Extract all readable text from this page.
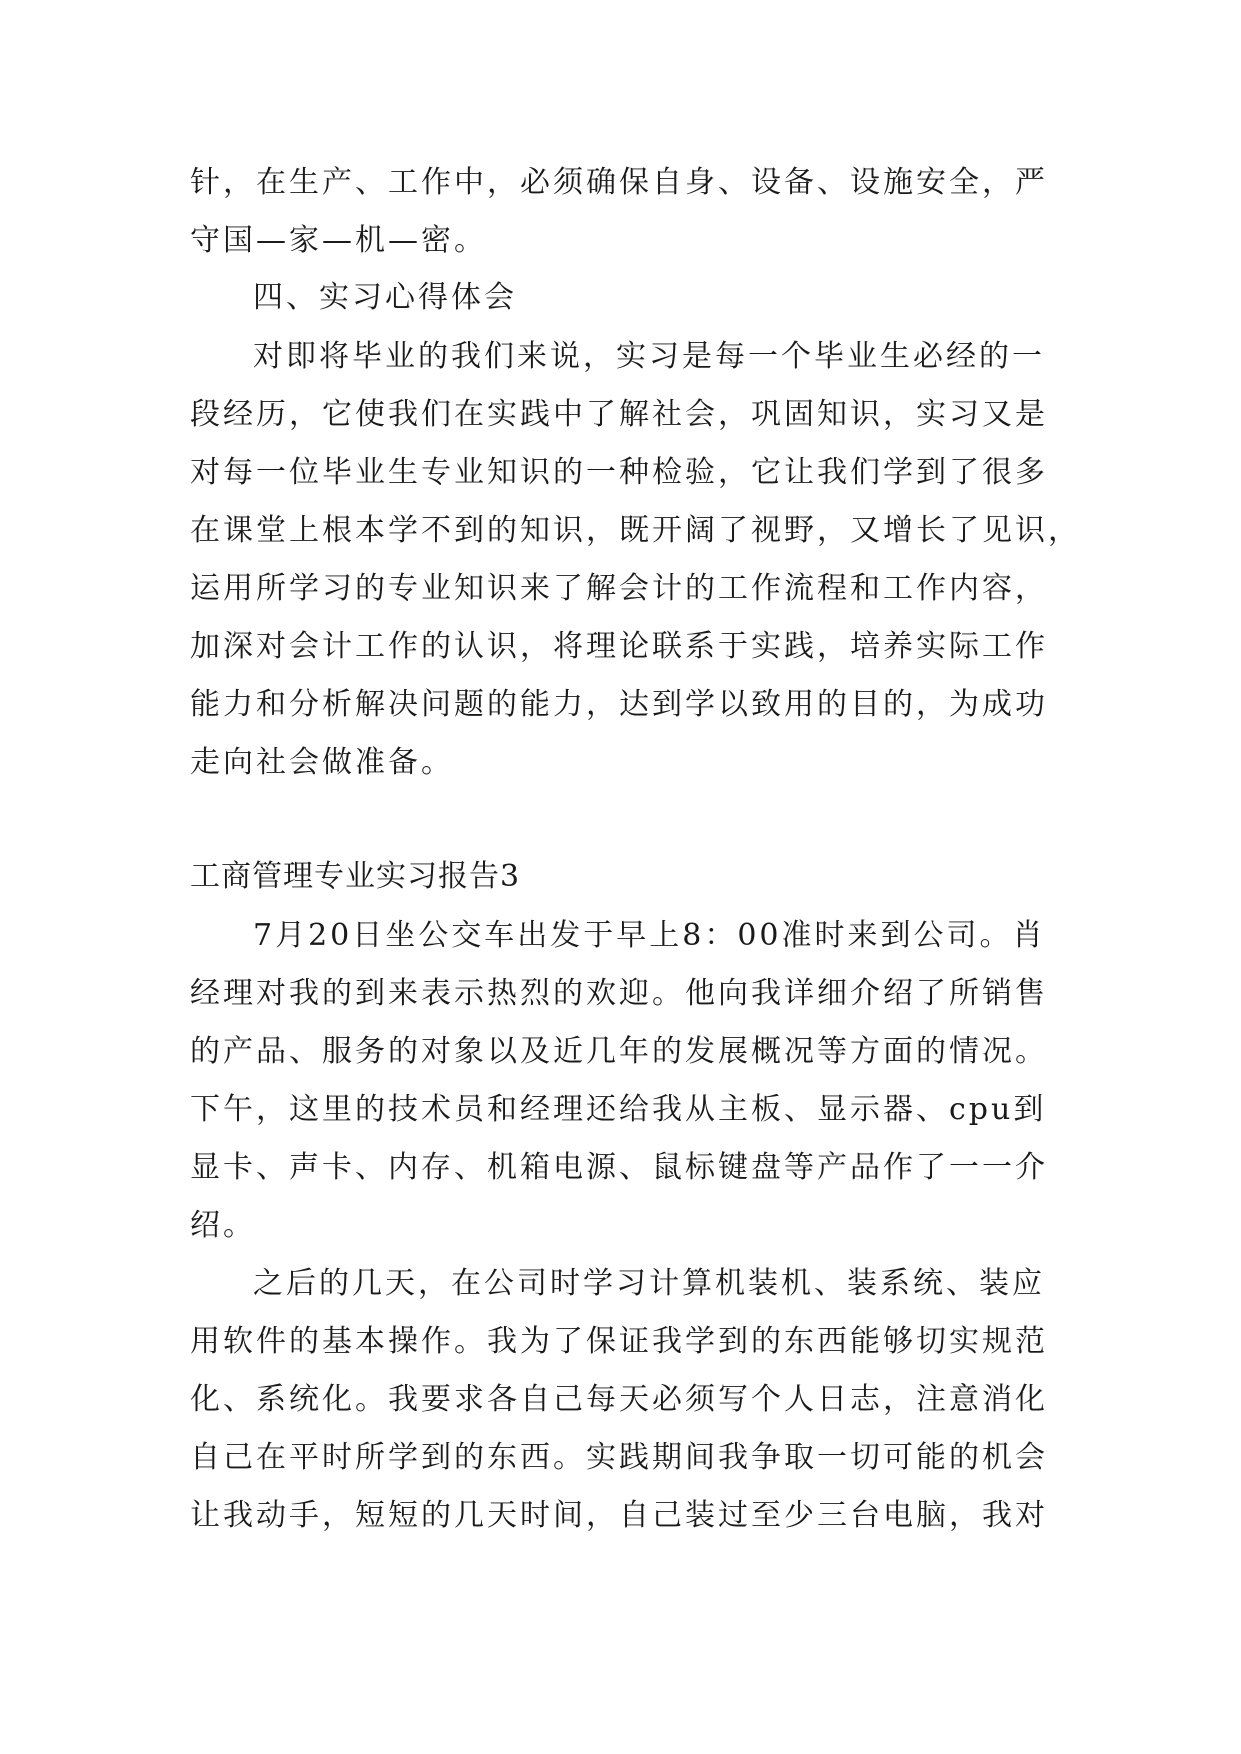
针，在生产、工作中，必须确保自身、设备、设施安全，严
守国—家—机—密。
四、实习心得体会
对即将毕业的我们来说，实习是每一个毕业生必经的一
段经历，它使我们在实践中了解社会，巩固知识，实习又是
对每一位毕业生专业知识的一种检验，它让我们学到了很多
在课堂上根本学不到的知识，既开阔了视野，又增长了见识，
运用所学习的专业知识来了解会计的工作流程和工作内容，
加深对会计工作的认识，将理论联系于实践，培养实际工作
能力和分析解决问题的能力，达到学以致用的目的，为成功
走向社会做准备。
工商管理专业实习报告3
7月20日坐公交车出发于早上8：00准时来到公司。肖
经理对我的到来表示热烈的欢迎。他向我详细介绍了所销售
的产品、服务的对象以及近几年的发展概况等方面的情况。
下午，这里的技术员和经理还给我从主板、显示器、cpu到
显卡、声卡、内存、机箱电源、鼠标键盘等产品作了一一介
绍。
之后的几天，在公司时学习计算机装机、装系统、装应
用软件的基本操作。我为了保证我学到的东西能够切实规范
化、系统化。我要求各自己每天必须写个人日志，注意消化
自己在平时所学到的东西。实践期间我争取一切可能的机会
让我动手，短短的几天时间，自己装过至少三台电脑，我对
